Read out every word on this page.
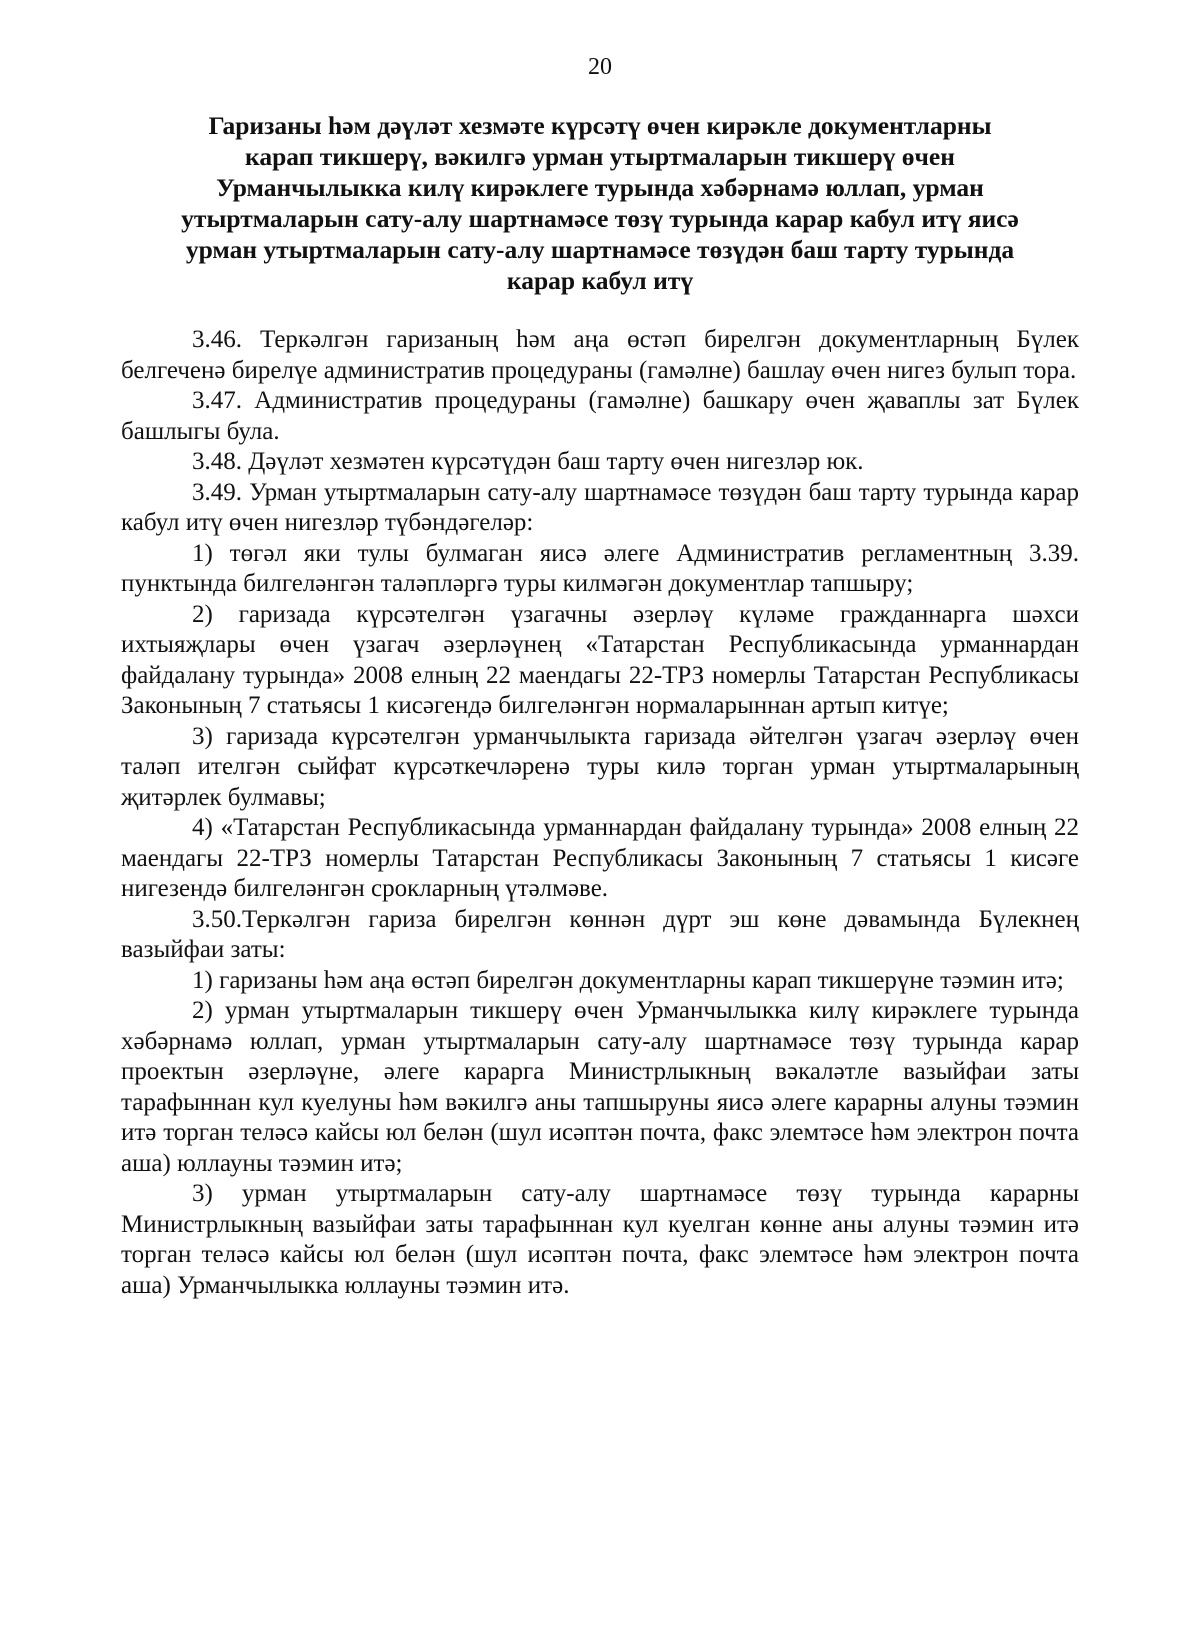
20
Гаризаны һәм дәүләт хезмәте күрсәтү өчен кирәкле документларны
карап тикшерү, вәкилгә урман утыртмаларын тикшерү өчен
Урманчылыкка килү кирәклеге турында хәбәрнамә юллап, урман
утыртмаларын сату-алу шартнамәсе төзү турында карар кабул итү яисә
урман утыртмаларын сату-алу шартнамәсе төзүдән баш тарту турында
карар кабул итү

3.46. Теркәлгән гаризаның һәм аңа өстәп бирелгән документларның Бүлек белгеченә бирелүе административ процедураны (гамәлне) башлау өчен нигез булып тора.

3.47. Административ процедураны (гамәлне) башкару өчен җаваплы зат Бүлек башлыгы була.

3.48. Дәүләт хезмәтен күрсәтүдән баш тарту өчен нигезләр юк.

3.49. Урман утыртмаларын сату-алу шартнамәсе төзүдән баш тарту турында карар кабул итү өчен нигезләр түбәндәгеләр:

1) төгәл яки тулы булмаган яисә әлеге Административ регламентның 3.39. пунктында билгеләнгән таләпләргә туры килмәгән документлар тапшыру;

2) гаризада күрсәтелгән үзагачны әзерләү күләме гражданнарга шәхси ихтыяҗлары өчен үзагач әзерләүнең «Татарстан Республикасында урманнардан файдалану турында» 2008 елның 22 маендагы 22-ТРЗ номерлы Татарстан Республикасы Законының 7 статьясы 1 кисәгендә билгеләнгән нормаларыннан артып китүе;

3) гаризада күрсәтелгән урманчылыкта гаризада әйтелгән үзагач әзерләү өчен таләп ителгән сыйфат күрсәткечләренә туры килә торган урман утыртмаларының җитәрлек булмавы;

4) «Татарстан Республикасында урманнардан файдалану турында» 2008 елның 22 маендагы 22-ТРЗ номерлы Татарстан Республикасы Законының 7 статьясы 1 кисәге нигезендә билгеләнгән срокларның үтәлмәве.

3.50.Теркәлгән гариза бирелгән көннән дүрт эш көне дәвамында Бүлекнең вазыйфаи заты:

1) гаризаны һәм аңа өстәп бирелгән документларны карап тикшерүне тәэмин итә;

2) урман утыртмаларын тикшерү өчен Урманчылыкка килү кирәклеге турында хәбәрнамә юллап, урман утыртмаларын сату-алу шартнамәсе төзү турында карар проектын әзерләүне, әлеге карарга Министрлыкның вәкаләтле вазыйфаи заты тарафыннан кул куелуны һәм вәкилгә аны тапшыруны яисә әлеге карарны алуны тәэмин итә торган теләсә кайсы юл белән (шул исәптән почта, факс элемтәсе һәм электрон почта аша) юллауны тәэмин итә;

3) урман утыртмаларын сату-алу шартнамәсе төзү турында карарны Министрлыкның вазыйфаи заты тарафыннан кул куелган көнне аны алуны тәэмин итә торган теләсә кайсы юл белән (шул исәптән почта, факс элемтәсе һәм электрон почта аша) Урманчылыкка юллауны тәэмин итә.
